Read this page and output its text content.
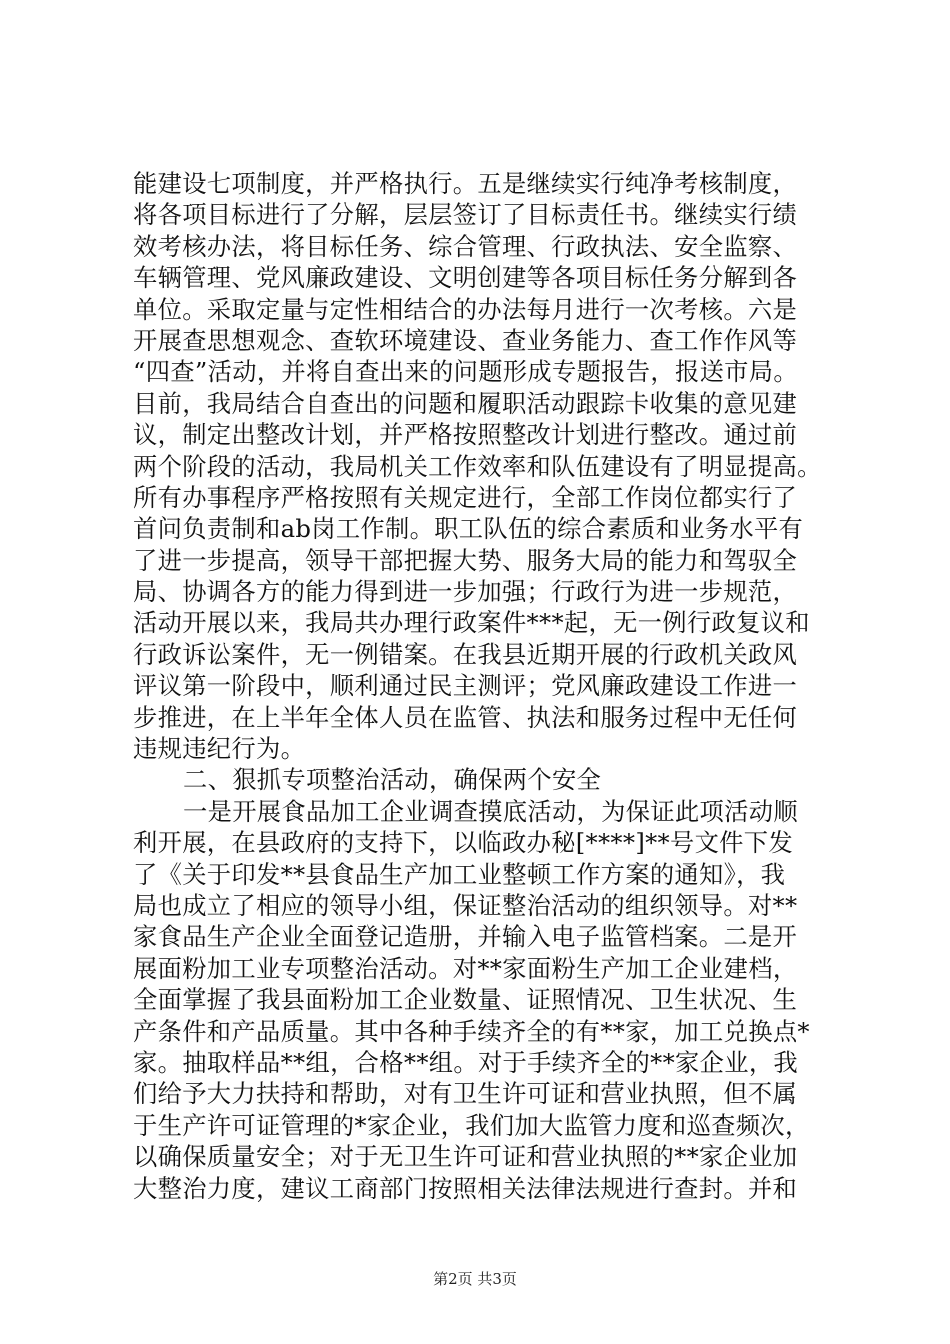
能建设七项制度，并严格执行。五是继续实行纯净考核制度，
将各项目标进行了分解，层层签订了目标责任书。继续实行绩
效考核办法，将目标任务、综合管理、行政执法、安全监察、
车辆管理、党风廉政建设、文明创建等各项目标任务分解到各
单位。采取定量与定性相结合的办法每月进行一次考核。六是
开展查思想观念、查软环境建设、查业务能力、查工作作风等
“四查”活动，并将自查出来的问题形成专题报告，报送市局。
目前，我局结合自查出的问题和履职活动跟踪卡收集的意见建
议，制定出整改计划，并严格按照整改计划进行整改。通过前
两个阶段的活动，我局机关工作效率和队伍建设有了明显提高。
所有办事程序严格按照有关规定进行，全部工作岗位都实行了
首问负责制和ab岗工作制。职工队伍的综合素质和业务水平有
了进一步提高，领导干部把握大势、服务大局的能力和驾驭全
局、协调各方的能力得到进一步加强；行政行为进一步规范，
活动开展以来，我局共办理行政案件***起，无一例行政复议和
行政诉讼案件，无一例错案。在我县近期开展的行政机关政风
评议第一阶段中，顺利通过民主测评；党风廉政建设工作进一
步推进，在上半年全体人员在监管、执法和服务过程中无任何
违规违纪行为。
二、狠抓专项整治活动，确保两个安全
一是开展食品加工企业调查摸底活动，为保证此项活动顺
利开展，在县政府的支持下，以临政办秘[****]**号文件下发
了《关于印发**县食品生产加工业整顿工作方案的通知》，我
局也成立了相应的领导小组，保证整治活动的组织领导。对**
家食品生产企业全面登记造册，并输入电子监管档案。二是开
展面粉加工业专项整治活动。对**家面粉生产加工企业建档，
全面掌握了我县面粉加工企业数量、证照情况、卫生状况、生
产条件和产品质量。其中各种手续齐全的有**家，加工兑换点*
家。抽取样品**组，合格**组。对于手续齐全的**家企业，我
们给予大力扶持和帮助，对有卫生许可证和营业执照，但不属
于生产许可证管理的*家企业，我们加大监管力度和巡查频次，
以确保质量安全；对于无卫生许可证和营业执照的**家企业加
大整治力度，建议工商部门按照相关法律法规进行查封。并和
第2页 共3页
